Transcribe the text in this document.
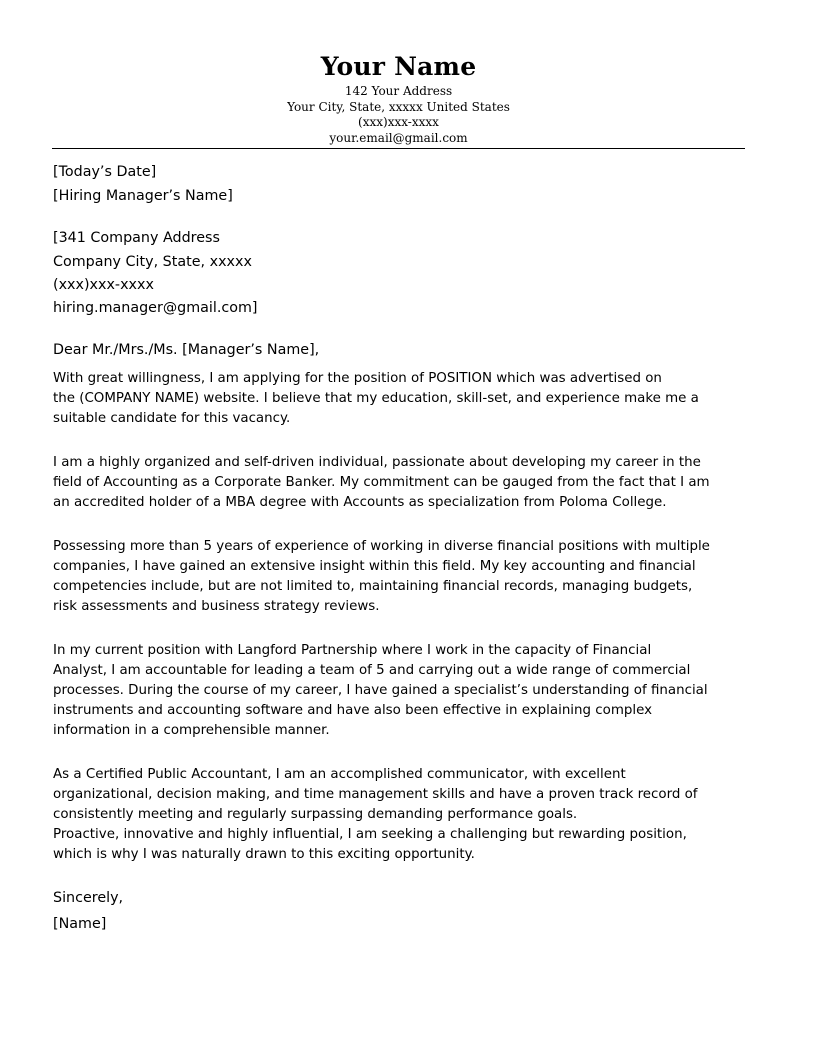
Your Name
142 Your Address
Your City, State, xxxxx United States
(xxx)xxx-xxxx
your.email@gmail.com

[Today’s Date]

[Hiring Manager’s Name]

[341 Company Address

Company City, State, xxxxx

(xxx)xxx-xxxx

hiring.manager@gmail.com]

Dear Mr./Mrs./Ms. [Manager’s Name],

With great willingness, I am applying for the position of POSITION which was advertised on
the (COMPANY NAME) website. I believe that my education, skill-set, and experience make me a
suitable candidate for this vacancy.
I am a highly organized and self-driven individual, passionate about developing my career in the
field of Accounting as a Corporate Banker. My commitment can be gauged from the fact that I am
an accredited holder of a MBA degree with Accounts as specialization from Poloma College.
Possessing more than 5 years of experience of working in diverse financial positions with multiple
companies, I have gained an extensive insight within this field. My key accounting and financial
competencies include, but are not limited to, maintaining financial records, managing budgets,
risk assessments and business strategy reviews.
In my current position with Langford Partnership where I work in the capacity of Financial
Analyst, I am accountable for leading a team of 5 and carrying out a wide range of commercial
processes. During the course of my career, I have gained a specialist’s understanding of financial
instruments and accounting software and have also been effective in explaining complex
information in a comprehensible manner.
As a Certified Public Accountant, I am an accomplished communicator, with excellent
organizational, decision making, and time management skills and have a proven track record of
consistently meeting and regularly surpassing demanding performance goals.
Proactive, innovative and highly influential, I am seeking a challenging but rewarding position,
which is why I was naturally drawn to this exciting opportunity.

Sincerely,

[Name]
